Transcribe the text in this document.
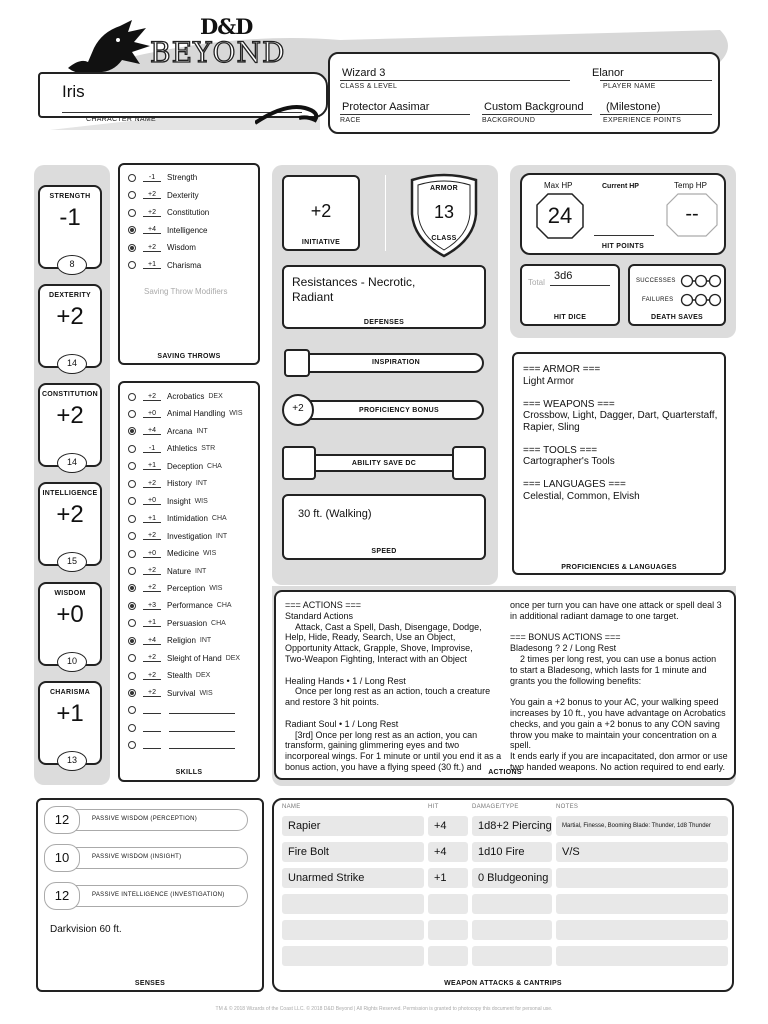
D&D
BEYOND
Iris
CHARACTER NAME
Wizard 3
CLASS & LEVEL
Elanor
PLAYER NAME
Protector Aasimar
RACE
Custom Background
BACKGROUND
(Milestone)
EXPERIENCE POINTS
STRENGTH
-1
8
DEXTERITY
+2
14
CONSTITUTION
+2
14
INTELLIGENCE
+2
15
WISDOM
+0
10
CHARISMA
+1
13
-1	Strength
+2	Dexterity
+2	Constitution
+4	Intelligence
+2	Wisdom
+1	Charisma
Saving Throw Modifiers
SAVING THROWS
+2	Acrobatics DEX
+0	Animal Handling WIS
+4	Arcana INT
-1	Athletics STR
+1	Deception CHA
+2	History INT
+0	Insight WIS
+1	Intimidation CHA
+2	Investigation INT
+0	Medicine WIS
+2	Nature INT
+2	Perception WIS
+3	Performance CHA
+1	Persuasion CHA
+4	Religion INT
+2	Sleight of Hand DEX
+2	Stealth DEX
+2	Survival WIS
SKILLS
+2
INITIATIVE
ARMOR
13
CLASS
Resistances - Necrotic,
Radiant
DEFENSES
INSPIRATION
+2	PROFICIENCY BONUS
ABILITY SAVE DC
30 ft. (Walking)
SPEED
Max HP
24
Current HP	Temp HP
--
HIT POINTS
Total
3d6
HIT DICE
SUCCESSES
FAILURES
DEATH SAVES
=== ARMOR ===
Light Armor

=== WEAPONS ===
Crossbow, Light, Dagger, Dart, Quarterstaff,
Rapier, Sling

=== TOOLS ===
Cartographer's Tools

=== LANGUAGES ===
Celestial, Common, Elvish
PROFICIENCIES & LANGUAGES
=== ACTIONS ===
Standard Actions
Attack, Cast a Spell, Dash, Disengage, Dodge,
Help, Hide, Ready, Search, Use an Object,
Opportunity Attack, Grapple, Shove, Improvise,
Two-Weapon Fighting, Interact with an Object

Healing Hands • 1 / Long Rest
Once per long rest as an action, touch a creature
and restore 3 hit points.

Radiant Soul • 1 / Long Rest
[3rd] Once per long rest as an action, you can
transform, gaining glimmering eyes and two
incorporeal wings. For 1 minute or until you end it as a
bonus action, you have a flying speed (30 ft.) and
once per turn you can have one attack or spell deal 3
in additional radiant damage to one target.

=== BONUS ACTIONS ===
Bladesong ? 2 / Long Rest
2 times per long rest, you can use a bonus action
to start a Bladesong, which lasts for 1 minute and
grants you the following benefits:

You gain a +2 bonus to your AC, your walking speed
increases by 10 ft., you have advantage on Acrobatics
checks, and you gain a +2 bonus to any CON saving
throw you make to maintain your concentration on a
spell.
It ends early if you are incapacitated, don armor or use
two handed weapons. No action required to end early.
ACTIONS
12	PASSIVE WISDOM (PERCEPTION)
10	PASSIVE WISDOM (INSIGHT)
12	PASSIVE INTELLIGENCE (INVESTIGATION)
Darkvision 60 ft.
SENSES
NAME	HIT	DAMAGE/TYPE	NOTES
Rapier	+4	1d8+2 Piercing	Martial, Finesse, Booming Blade: Thunder, 1d8 Thunder
Fire Bolt	+4	1d10 Fire	V/S
Unarmed Strike	+1	0 Bludgeoning
WEAPON ATTACKS & CANTRIPS
TM & © 2018 Wizards of the Coast LLC. © 2018 D&D Beyond | All Rights Reserved. Permission is granted to photocopy this document for personal use.
